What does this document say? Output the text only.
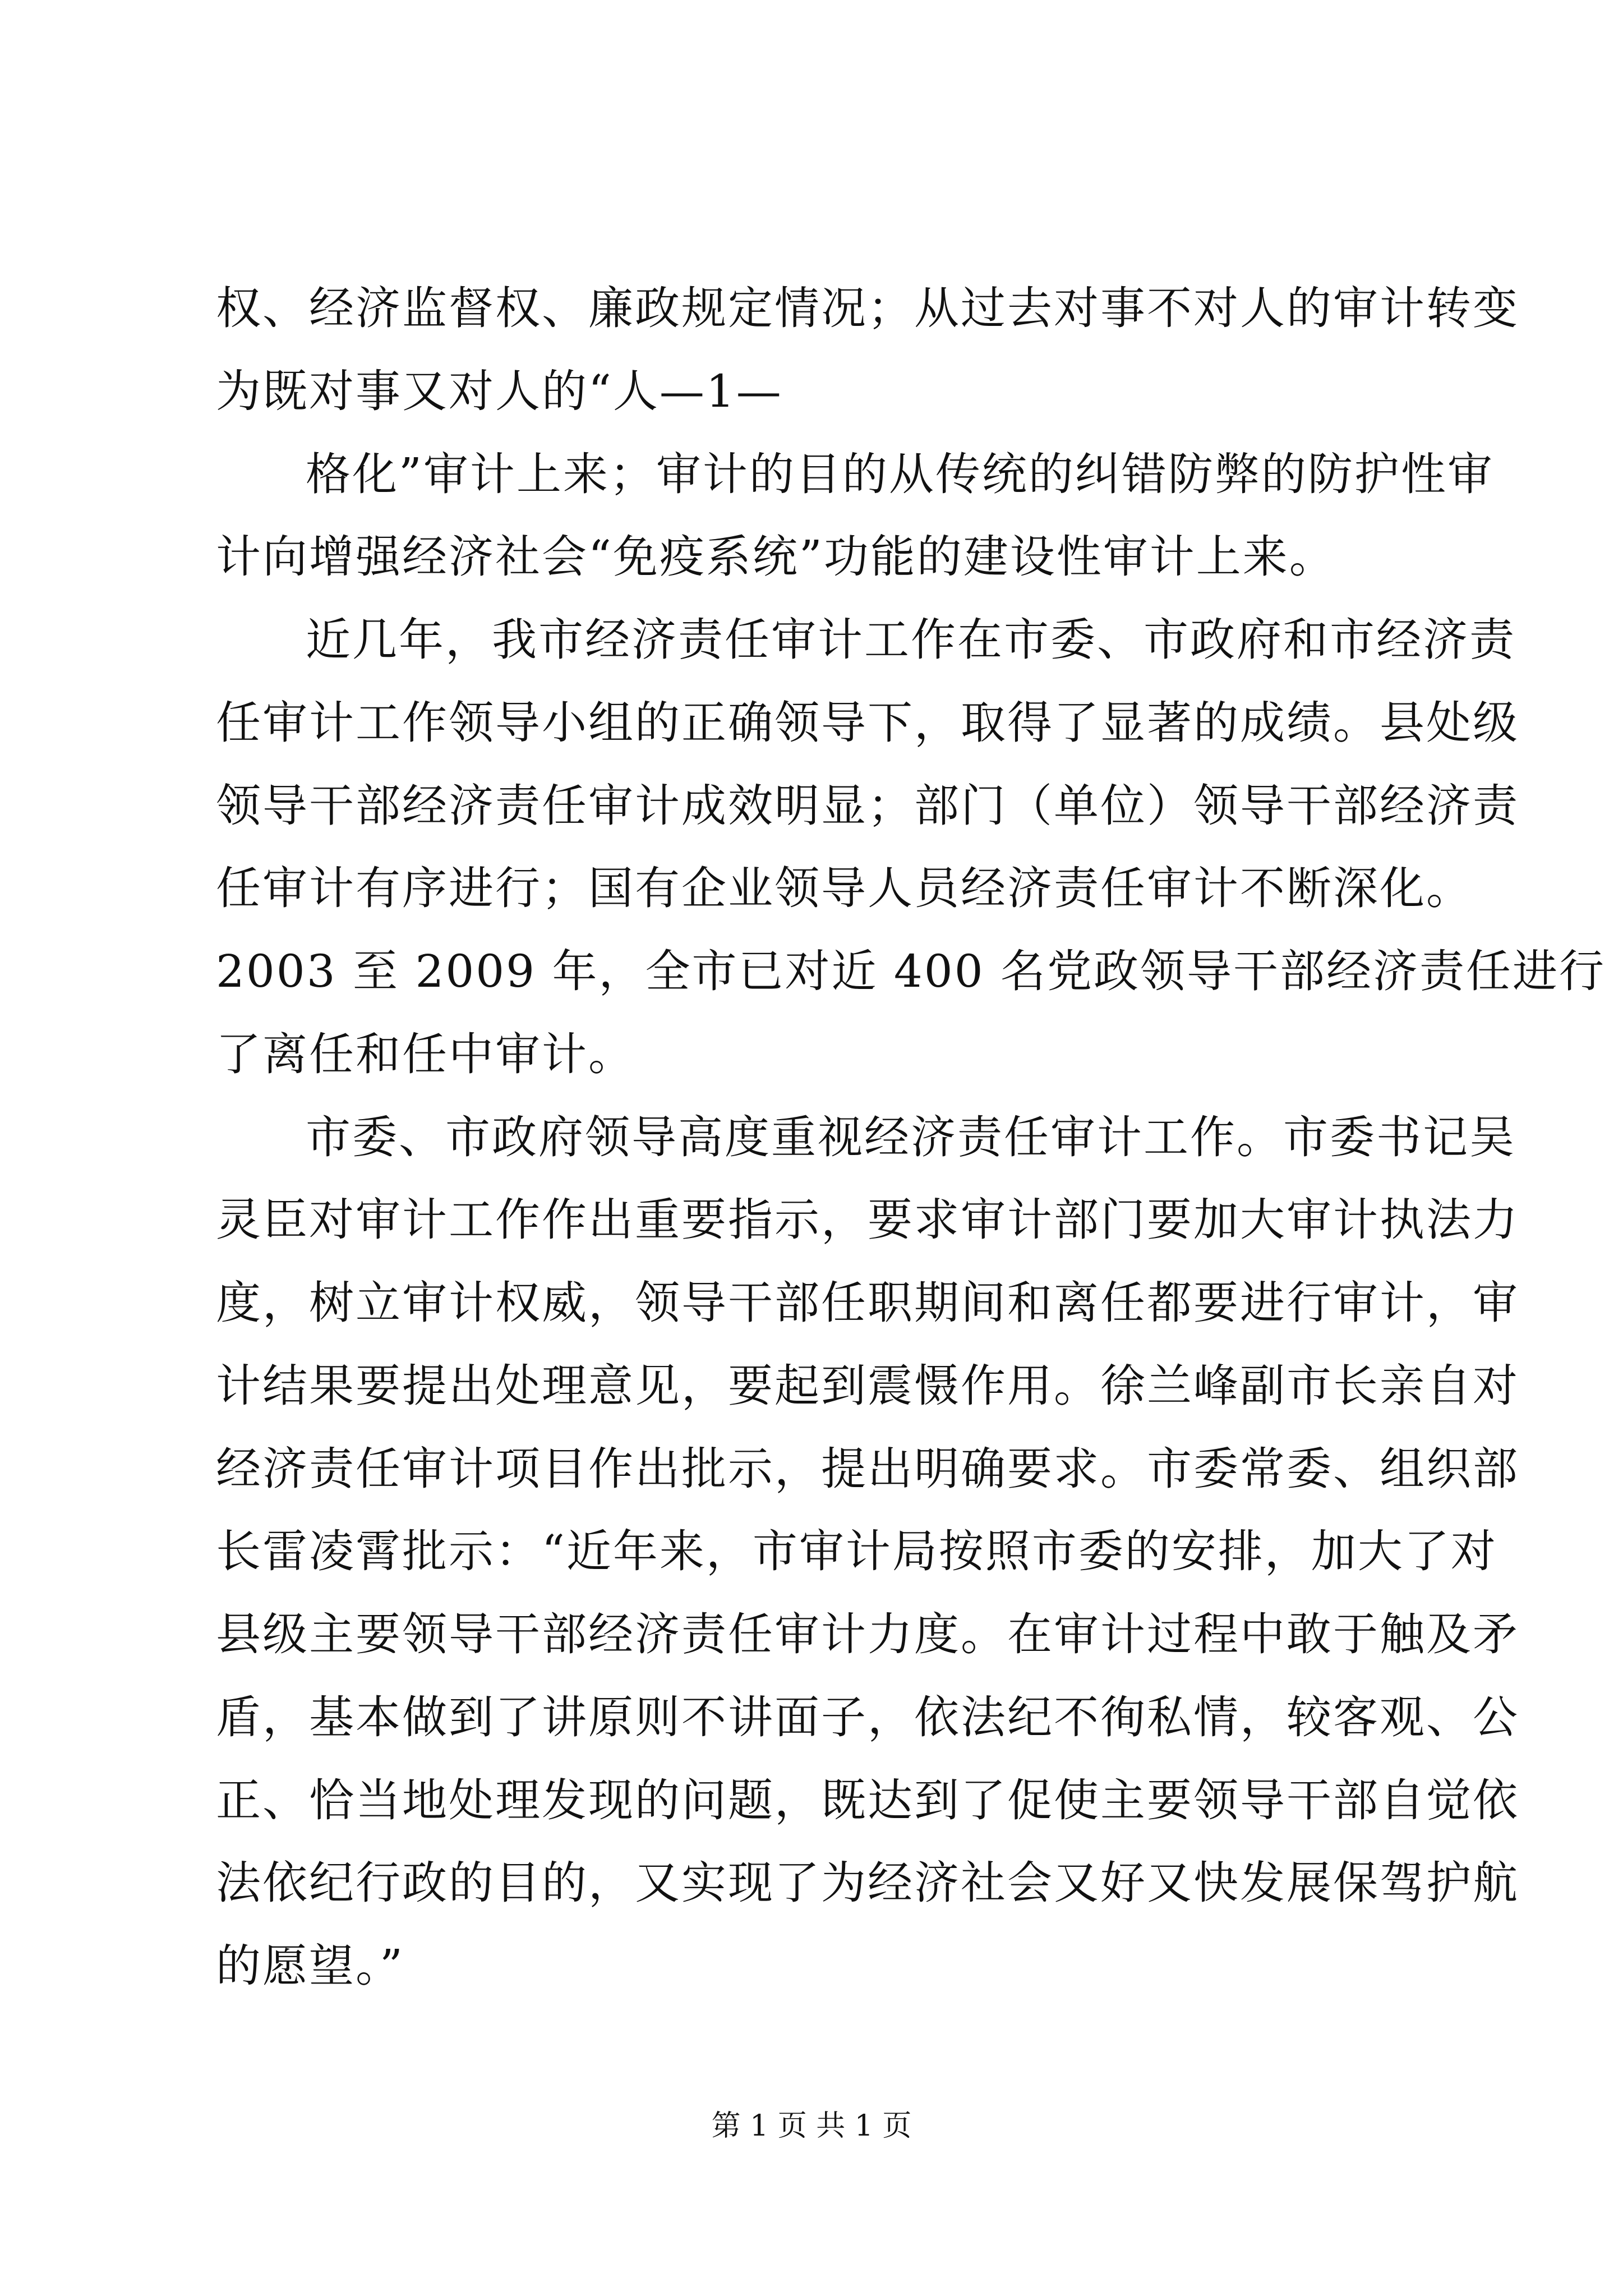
权、经济监督权、廉政规定情况；从过去对事不对人的审计转变
为既对事又对人的“人—1—
格化”审计上来；审计的目的从传统的纠错防弊的防护性审
计向增强经济社会“免疫系统”功能的建设性审计上来。
近几年，我市经济责任审计工作在市委、市政府和市经济责
任审计工作领导小组的正确领导下，取得了显著的成绩。县处级
领导干部经济责任审计成效明显；部门（单位）领导干部经济责
任审计有序进行；国有企业领导人员经济责任审计不断深化。
2003 至 2009 年，全市已对近 400 名党政领导干部经济责任进行
了离任和任中审计。
市委、市政府领导高度重视经济责任审计工作。市委书记吴
灵臣对审计工作作出重要指示，要求审计部门要加大审计执法力
度，树立审计权威，领导干部任职期间和离任都要进行审计，审
计结果要提出处理意见，要起到震慑作用。徐兰峰副市长亲自对
经济责任审计项目作出批示，提出明确要求。市委常委、组织部
长雷凌霄批示：“近年来，市审计局按照市委的安排，加大了对
县级主要领导干部经济责任审计力度。在审计过程中敢于触及矛
盾，基本做到了讲原则不讲面子，依法纪不徇私情，较客观、公
正、恰当地处理发现的问题，既达到了促使主要领导干部自觉依
法依纪行政的目的，又实现了为经济社会又好又快发展保驾护航
第 1 页 共 1 页
的愿望。”
